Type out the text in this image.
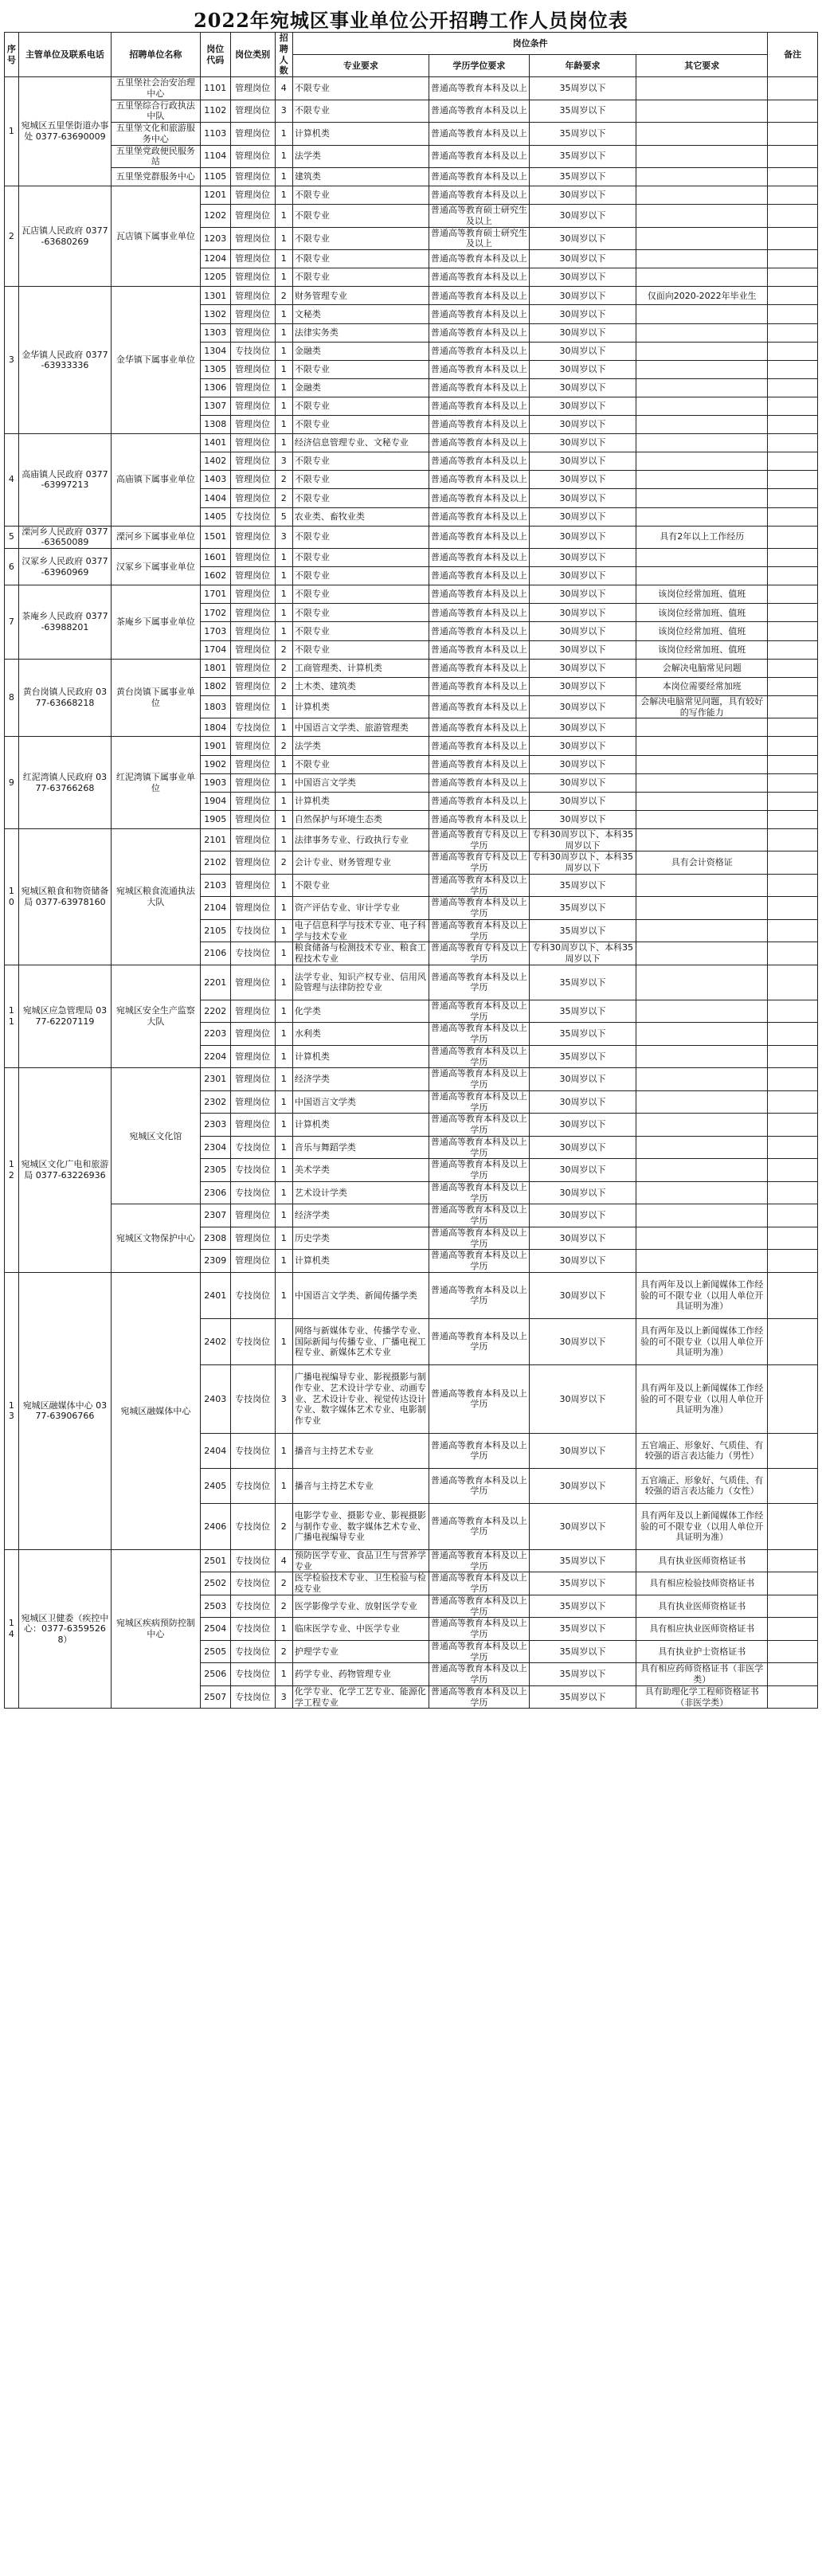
2022年宛城区事业单位公开招聘工作人员岗位表
序号	主管单位及联系电话	招聘单位名称	岗位代码	岗位类别	招聘人数	岗位条件				备注
						专业要求	学历学位要求	年龄要求	其它要求	
1	宛城区五里堡街道办事处 0377-63690009	五里堡社会治安治理中心	1101	管理岗位	4	不限专业	普通高等教育本科及以上	35周岁以下		
		五里堡综合行政执法中队	1102	管理岗位	3	不限专业	普通高等教育本科及以上	35周岁以下		
		五里堡文化和旅游服务中心	1103	管理岗位	1	计算机类	普通高等教育本科及以上	35周岁以下		
		五里堡党政便民服务站	1104	管理岗位	1	法学类	普通高等教育本科及以上	35周岁以下		
		五里堡党群服务中心	1105	管理岗位	1	建筑类	普通高等教育本科及以上	35周岁以下		
2	瓦店镇人民政府 0377-63680269	瓦店镇下属事业单位	1201	管理岗位	1	不限专业	普通高等教育本科及以上	30周岁以下		
			1202	管理岗位	1	不限专业	普通高等教育硕士研究生及以上	30周岁以下		
			1203	管理岗位	1	不限专业	普通高等教育硕士研究生及以上	30周岁以下		
			1204	管理岗位	1	不限专业	普通高等教育本科及以上	30周岁以下		
			1205	管理岗位	1	不限专业	普通高等教育本科及以上	30周岁以下		
3	金华镇人民政府 0377-63933336	金华镇下属事业单位	1301	管理岗位	2	财务管理专业	普通高等教育本科及以上	30周岁以下	仅面向2020-2022年毕业生	
			1302	管理岗位	1	文秘类	普通高等教育本科及以上	30周岁以下		
			1303	管理岗位	1	法律实务类	普通高等教育本科及以上	30周岁以下		
			1304	专技岗位	1	金融类	普通高等教育本科及以上	30周岁以下		
			1305	管理岗位	1	不限专业	普通高等教育本科及以上	30周岁以下		
			1306	管理岗位	1	金融类	普通高等教育本科及以上	30周岁以下		
			1307	管理岗位	1	不限专业	普通高等教育本科及以上	30周岁以下		
			1308	管理岗位	1	不限专业	普通高等教育本科及以上	30周岁以下		
4	高庙镇人民政府 0377-63997213	高庙镇下属事业单位	1401	管理岗位	1	经济信息管理专业、文秘专业	普通高等教育本科及以上	30周岁以下		
			1402	管理岗位	3	不限专业	普通高等教育本科及以上	30周岁以下		
			1403	管理岗位	2	不限专业	普通高等教育本科及以上	30周岁以下		
			1404	管理岗位	2	不限专业	普通高等教育本科及以上	30周岁以下		
			1405	专技岗位	5	农业类、畜牧业类	普通高等教育本科及以上	30周岁以下		
5	溧河乡人民政府 0377-63650089	溧河乡下属事业单位	1501	管理岗位	3	不限专业	普通高等教育本科及以上	30周岁以下	具有2年以上工作经历	
6	汉冢乡人民政府 0377-63960969	汉冢乡下属事业单位	1601	管理岗位	1	不限专业	普通高等教育本科及以上	30周岁以下		
			1602	管理岗位	1	不限专业	普通高等教育本科及以上	30周岁以下		
7	茶庵乡人民政府 0377-63988201	茶庵乡下属事业单位	1701	管理岗位	1	不限专业	普通高等教育本科及以上	30周岁以下	该岗位经常加班、值班	
			1702	管理岗位	1	不限专业	普通高等教育本科及以上	30周岁以下	该岗位经常加班、值班	
			1703	管理岗位	1	不限专业	普通高等教育本科及以上	30周岁以下	该岗位经常加班、值班	
			1704	管理岗位	2	不限专业	普通高等教育本科及以上	30周岁以下	该岗位经常加班、值班	
8	黄台岗镇人民政府 0377-63668218	黄台岗镇下属事业单位	1801	管理岗位	2	工商管理类、计算机类	普通高等教育本科及以上	30周岁以下	会解决电脑常见问题	
			1802	管理岗位	2	土木类、建筑类	普通高等教育本科及以上	30周岁以下	本岗位需要经常加班	
			1803	管理岗位	1	计算机类	普通高等教育本科及以上	30周岁以下	会解决电脑常见问题，具有较好的写作能力	
			1804	专技岗位	1	中国语言文学类、旅游管理类	普通高等教育本科及以上	30周岁以下		
9	红泥湾镇人民政府 0377-63766268	红泥湾镇下属事业单位	1901	管理岗位	2	法学类	普通高等教育本科及以上	30周岁以下		
			1902	管理岗位	1	不限专业	普通高等教育本科及以上	30周岁以下		
			1903	管理岗位	1	中国语言文学类	普通高等教育本科及以上	30周岁以下		
			1904	管理岗位	1	计算机类	普通高等教育本科及以上	30周岁以下		
			1905	管理岗位	1	自然保护与环境生态类	普通高等教育本科及以上	30周岁以下		
10	宛城区粮食和物资储备局 0377-63978160	宛城区粮食流通执法大队	2101	管理岗位	1	法律事务专业、行政执行专业	普通高等教育专科及以上学历	专科30周岁以下、本科35周岁以下		
			2102	管理岗位	2	会计专业、财务管理专业	普通高等教育专科及以上学历	专科30周岁以下、本科35周岁以下	具有会计资格证	
			2103	管理岗位	1	不限专业	普通高等教育本科及以上学历	35周岁以下		
			2104	管理岗位	1	资产评估专业、审计学专业	普通高等教育本科及以上学历	35周岁以下		
			2105	专技岗位	1	电子信息科学与技术专业、电子科学与技术专业	普通高等教育本科及以上学历	35周岁以下		
			2106	专技岗位	1	粮食储备与检测技术专业、粮食工程技术专业	普通高等教育专科及以上学历	专科30周岁以下、本科35周岁以下		
11	宛城区应急管理局 0377-62207119	宛城区安全生产监察大队	2201	管理岗位	1	法学专业、知识产权专业、信用风险管理与法律防控专业	普通高等教育本科及以上学历	35周岁以下		
			2202	管理岗位	1	化学类	普通高等教育本科及以上学历	35周岁以下		
			2203	管理岗位	1	水利类	普通高等教育本科及以上学历	35周岁以下		
			2204	管理岗位	1	计算机类	普通高等教育本科及以上学历	35周岁以下		
12	宛城区文化广电和旅游局 0377-63226936	宛城区文化馆	2301	管理岗位	1	经济学类	普通高等教育本科及以上学历	30周岁以下		
			2302	管理岗位	1	中国语言文学类	普通高等教育本科及以上学历	30周岁以下		
			2303	管理岗位	1	计算机类	普通高等教育本科及以上学历	30周岁以下		
			2304	专技岗位	1	音乐与舞蹈学类	普通高等教育本科及以上学历	30周岁以下		
			2305	专技岗位	1	美术学类	普通高等教育本科及以上学历	30周岁以下		
			2306	专技岗位	1	艺术设计学类	普通高等教育本科及以上学历	30周岁以下		
		宛城区文物保护中心	2307	管理岗位	1	经济学类	普通高等教育本科及以上学历	30周岁以下		
			2308	管理岗位	1	历史学类	普通高等教育本科及以上学历	30周岁以下		
			2309	管理岗位	1	计算机类	普通高等教育本科及以上学历	30周岁以下		
13	宛城区融媒体中心 0377-63906766	宛城区融媒体中心	2401	专技岗位	1	中国语言文学类、新闻传播学类	普通高等教育本科及以上学历	30周岁以下	具有两年及以上新闻媒体工作经验的可不限专业（以用人单位开具证明为准）	
			2402	专技岗位	1	网络与新媒体专业、传播学专业、国际新闻与传播专业、广播电视工程专业、新媒体艺术专业	普通高等教育本科及以上学历	30周岁以下	具有两年及以上新闻媒体工作经验的可不限专业（以用人单位开具证明为准）	
			2403	专技岗位	3	广播电视编导专业、影视摄影与制作专业、艺术设计学专业、动画专业、艺术设计专业、视觉传达设计专业、数字媒体艺术专业、电影制作专业	普通高等教育本科及以上学历	30周岁以下	具有两年及以上新闻媒体工作经验的可不限专业（以用人单位开具证明为准）	
			2404	专技岗位	1	播音与主持艺术专业	普通高等教育本科及以上学历	30周岁以下	五官端正、形象好、气质佳、有较强的语言表达能力（男性）	
			2405	专技岗位	1	播音与主持艺术专业	普通高等教育本科及以上学历	30周岁以下	五官端正、形象好、气质佳、有较强的语言表达能力（女性）	
			2406	专技岗位	2	电影学专业、摄影专业、影视摄影与制作专业、数字媒体艺术专业、广播电视编导专业	普通高等教育本科及以上学历	30周岁以下	具有两年及以上新闻媒体工作经验的可不限专业（以用人单位开具证明为准）	
14	宛城区卫健委（疾控中心：0377-63595268）	宛城区疾病预防控制中心	2501	专技岗位	4	预防医学专业、食品卫生与营养学专业	普通高等教育本科及以上学历	35周岁以下	具有执业医师资格证书	
			2502	专技岗位	2	医学检验技术专业、卫生检验与检疫专业	普通高等教育本科及以上学历	35周岁以下	具有相应检验技师资格证书	
			2503	专技岗位	2	医学影像学专业、放射医学专业	普通高等教育本科及以上学历	35周岁以下	具有执业医师资格证书	
			2504	专技岗位	1	临床医学专业、中医学专业	普通高等教育本科及以上学历	35周岁以下	具有相应执业医师资格证书	
			2505	专技岗位	2	护理学专业	普通高等教育本科及以上学历	35周岁以下	具有执业护士资格证书	
			2506	专技岗位	1	药学专业、药物管理专业	普通高等教育本科及以上学历	35周岁以下	具有相应药师资格证书（非医学类）	
			2507	专技岗位	3	化学专业、化学工艺专业、能源化学工程专业	普通高等教育本科及以上学历	35周岁以下	具有助理化学工程师资格证书（非医学类）	
